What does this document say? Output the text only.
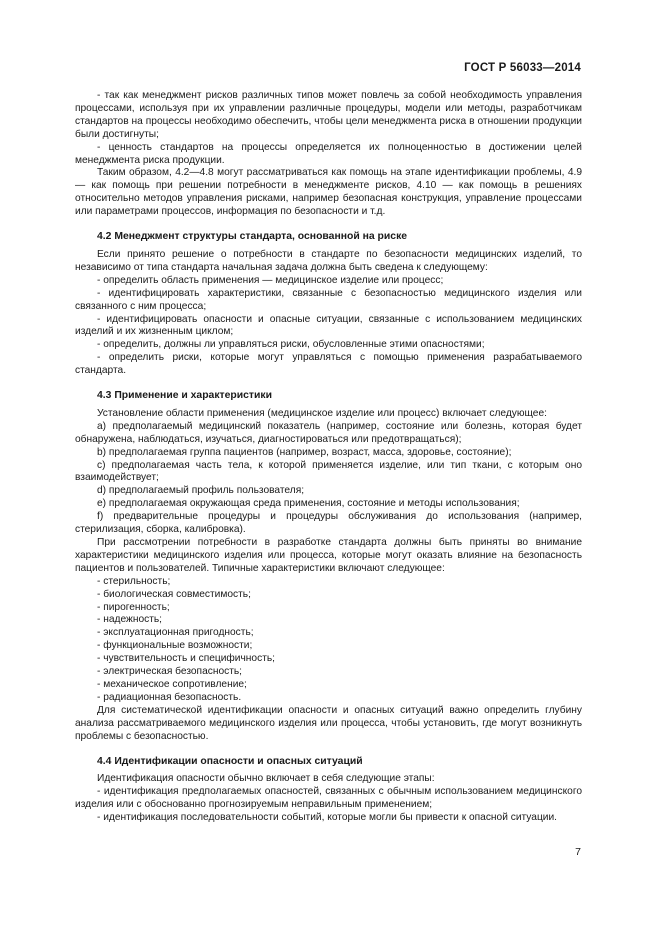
ГОСТ Р 56033—2014

- так как менеджмент рисков различных типов может повлечь за собой необходимость управления процессами, используя при их управлении различные процедуры, модели или методы, разработчикам стандартов на процессы необходимо обеспечить, чтобы цели менеджмента риска в отношении продукции были достигнуты;

- ценность стандартов на процессы определяется их полноценностью в достижении целей менеджмента риска продукции.

Таким образом, 4.2—4.8 могут рассматриваться как помощь на этапе идентификации проблемы, 4.9 — как помощь при решении потребности в менеджменте рисков, 4.10 — как помощь в решениях относительно методов управления рисками, например безопасная конструкция, управление процессами или параметрами процессов, информация по безопасности и т.д.

4.2 Менеджмент структуры стандарта, основанной на риске

Если принято решение о потребности в стандарте по безопасности медицинских изделий, то независимо от типа стандарта начальная задача должна быть сведена к следующему:

- определить область применения — медицинское изделие или процесс;

- идентифицировать характеристики, связанные с безопасностью медицинского изделия или связанного с ним процесса;

- идентифицировать опасности и опасные ситуации, связанные с использованием медицинских изделий и их жизненным циклом;

- определить, должны ли управляться риски, обусловленные этими опасностями;

- определить риски, которые могут управляться с помощью применения разрабатываемого стандарта.

4.3 Применение и характеристики

Установление области применения (медицинское изделие или процесс) включает следующее:

a) предполагаемый медицинский показатель (например, состояние или болезнь, которая будет обнаружена, наблюдаться, изучаться, диагностироваться или предотвращаться);

b) предполагаемая группа пациентов (например, возраст, масса, здоровье, состояние);

c) предполагаемая часть тела, к которой применяется изделие, или тип ткани, с которым оно взаимодействует;

d) предполагаемый профиль пользователя;

e) предполагаемая окружающая среда применения, состояние и методы использования;

f) предварительные процедуры и процедуры обслуживания до использования (например, стерилизация, сборка, калибровка).

При рассмотрении потребности в разработке стандарта должны быть приняты во внимание характеристики медицинского изделия или процесса, которые могут оказать влияние на безопасность пациентов и пользователей. Типичные характеристики включают следующее:

- стерильность;

- биологическая совместимость;

- пирогенность;

- надежность;

- эксплуатационная пригодность;

- функциональные возможности;

- чувствительность и специфичность;

- электрическая безопасность;

- механическое сопротивление;

- радиационная безопасность.

Для систематической идентификации опасности и опасных ситуаций важно определить глубину анализа рассматриваемого медицинского изделия или процесса, чтобы установить, где могут возникнуть проблемы с безопасностью.

4.4 Идентификации опасности и опасных ситуаций

Идентификация опасности обычно включает в себя следующие этапы:

- идентификация предполагаемых опасностей, связанных с обычным использованием медицинского изделия или с обоснованно прогнозируемым неправильным применением;

- идентификация последовательности событий, которые могли бы привести к опасной ситуации.

7
